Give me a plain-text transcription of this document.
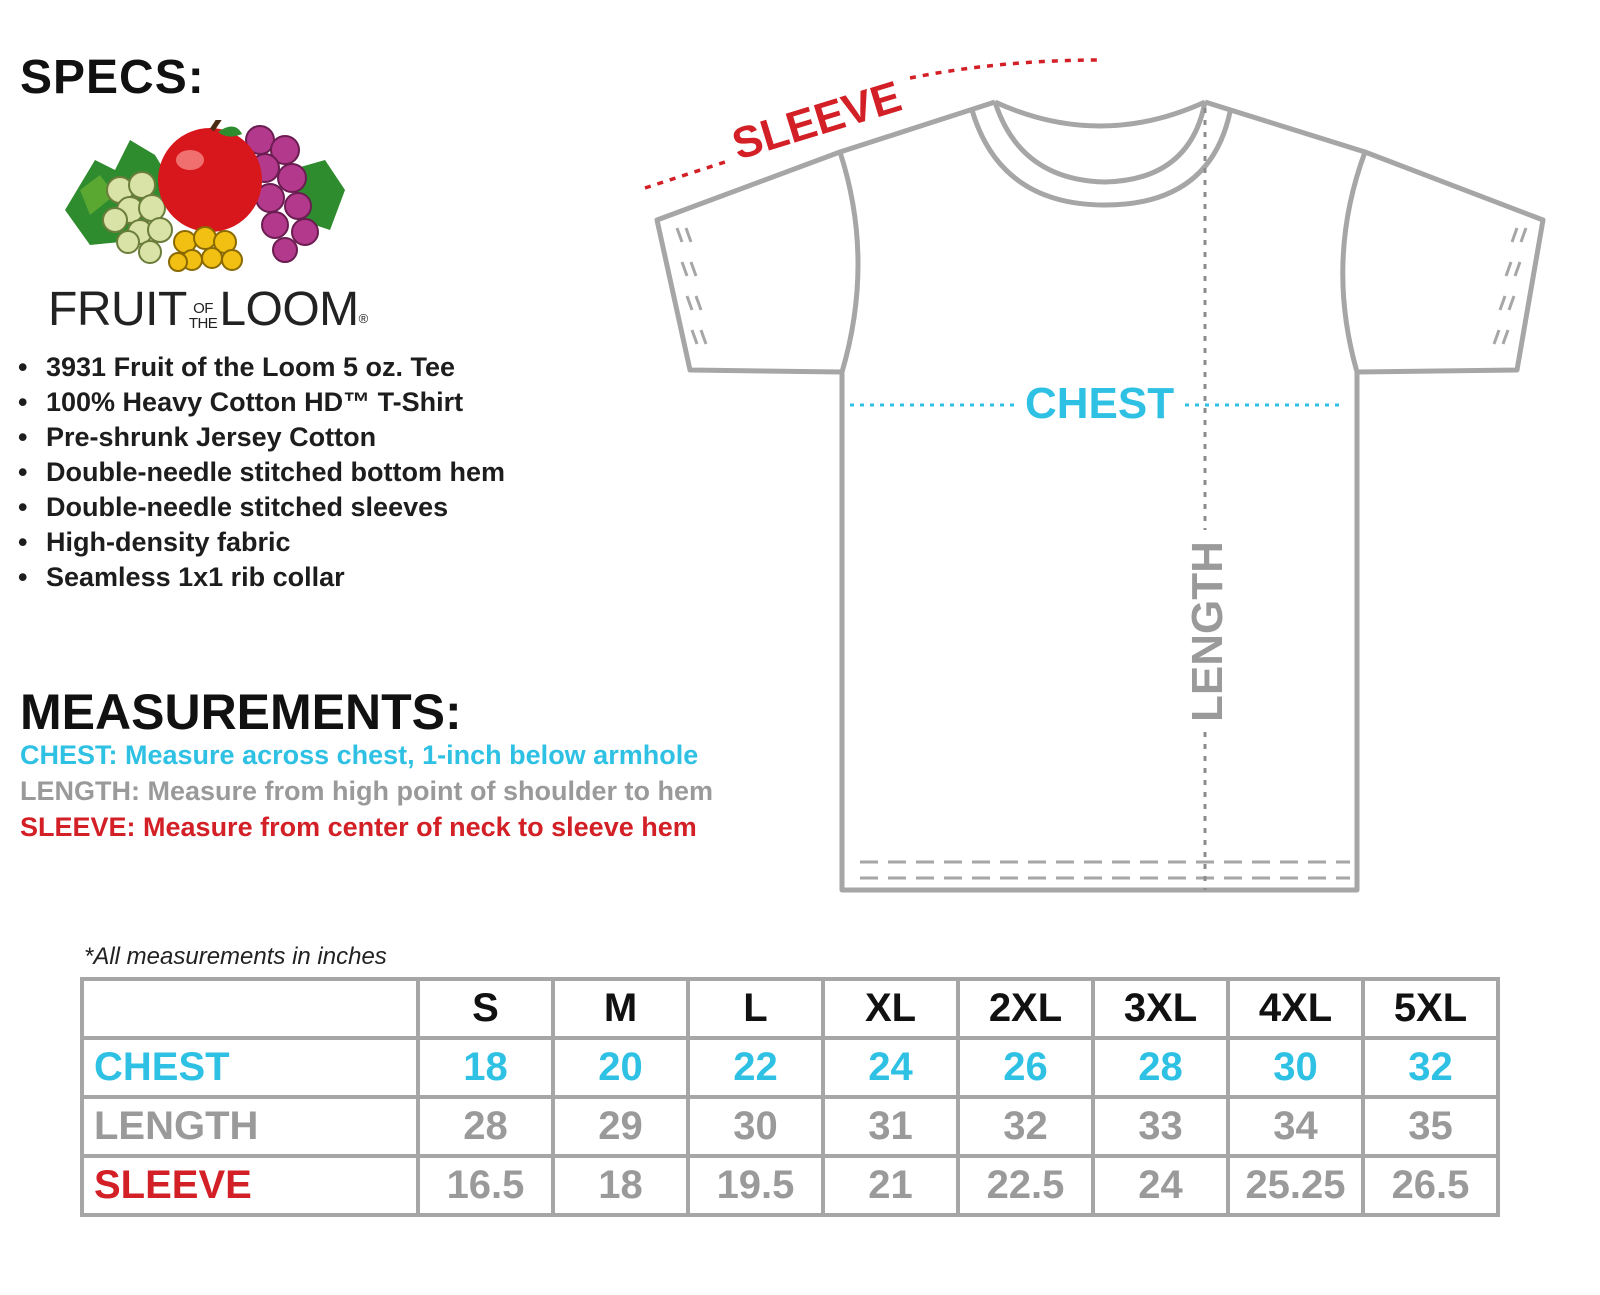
SPECS:
FRUIT OF
THE LOOM®
• 3931 Fruit of the Loom 5 oz. Tee
• 100% Heavy Cotton HD™ T-Shirt
• Pre-shrunk Jersey Cotton
• Double-needle stitched bottom hem
• Double-needle stitched sleeves
• High-density fabric
• Seamless 1x1 rib collar
MEASUREMENTS:
CHEST: Measure across chest, 1-inch below armhole
LENGTH: Measure from high point of shoulder to hem
SLEEVE: Measure from center of neck to sleeve hem
SLEEVE
CHEST
LENGTH
*All measurements in inches
	S	M	L	XL	2XL	3XL	4XL	5XL
CHEST	18	20	22	24	26	28	30	32
LENGTH	28	29	30	31	32	33	34	35
SLEEVE	16.5	18	19.5	21	22.5	24	25.25	26.5
